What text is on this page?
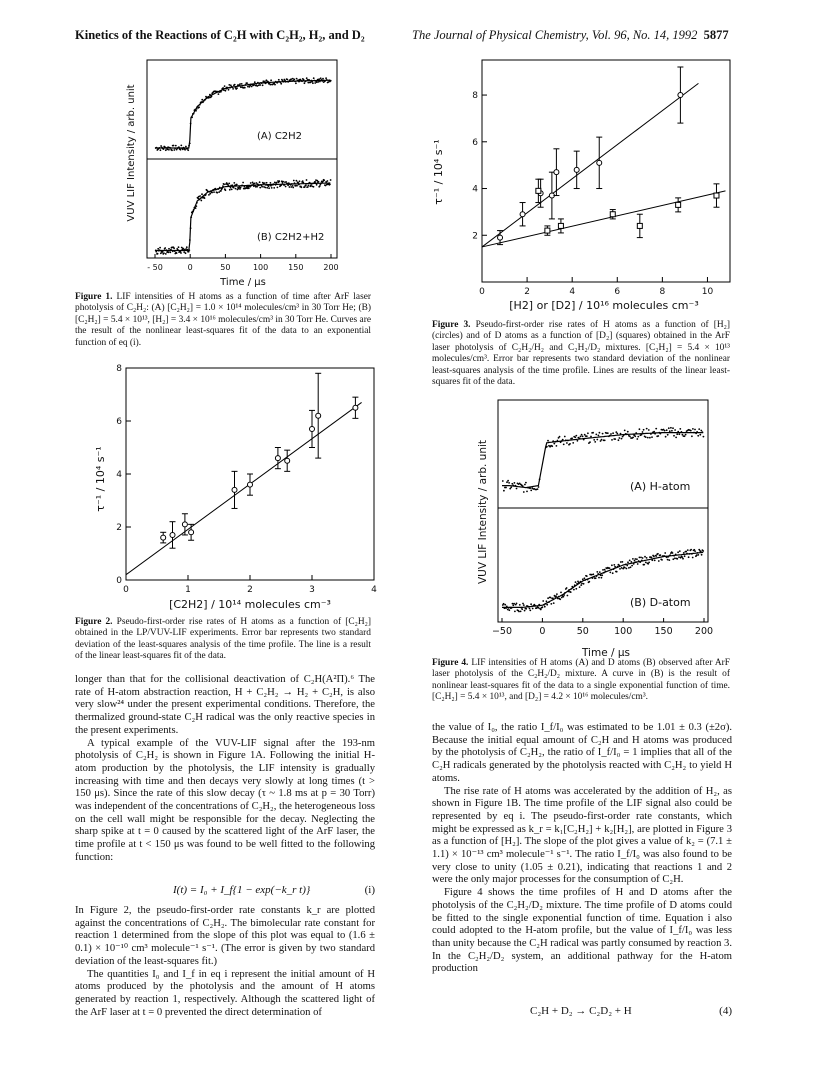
Kinetics of the Reactions of C₂H with C₂H₂, H₂, and D₂	The Journal of Physical Chemistry, Vol. 96, No. 14, 1992 5877
VUV LIF Intensity / arb. unit	(A) C2H2
(B) C2H2+H2
- 50	0	50	100 150 200
Time / μs
Figure 1. LIF intensities of H atoms as a function of time after ArF laser photolysis of C₂H₂: (A) [C₂H₂] = 1.0 × 10¹⁴ molecules/cm³ in 30 Torr He; (B) [C₂H₂] = 5.4 × 10¹³, [H₂] = 3.4 × 10¹⁶ molecules/cm³ in 30 Torr He. Curves are the result of the nonlinear least-squares fit of the data to an exponential function of eq (i).
τ⁻¹ / 10⁴ s⁻¹
0	1	2	3	4
0
2
4
6
8
[C2H2] / 10¹⁴ molecules cm⁻³
Figure 2. Pseudo-first-order rise rates of H atoms as a function of [C₂H₂] obtained in the LP/VUV-LIF experiments. Error bar represents two standard deviation of the least-squares analysis of the time profile. The line is a result of the linear least-squares fit of the data.

longer than that for the collisional deactivation of C₂H(A²Π).⁶ The rate of H-atom abstraction reaction, H + C₂H₂ → H₂ + C₂H, is also very slow²⁴ under the present experimental conditions. Therefore, the thermalized ground-state C₂H radical was the only reactive species in the present experiments.

A typical example of the VUV-LIF signal after the 193-nm photolysis of C₂H₂ is shown in Figure 1A. Following the initial H-atom production by the photolysis, the LIF intensity is gradually increasing with time and then decays very slowly at long times (t > 150 μs). Since the rate of this slow decay (τ ~ 1.8 ms at p = 30 Torr) was independent of the concentrations of C₂H₂, the heterogeneous loss on the cell wall might be responsible for the decay. Neglecting the sharp spike at t = 0 caused by the scattered light of the ArF laser, the time profile at t < 150 μs was found to be well fitted to the following function:

I(t) = I₀ + I_f{1 − exp(−k_r t)}	(i)

In Figure 2, the pseudo-first-order rate constants k_r are plotted against the concentrations of C₂H₂. The bimolecular rate constant for reaction 1 determined from the slope of this plot was equal to (1.6 ± 0.1) × 10⁻¹⁰ cm³ molecule⁻¹ s⁻¹. (The error is given by two standard deviation of the least-squares fit.)

The quantities I₀ and I_f in eq i represent the initial amount of H atoms produced by the photolysis and the amount of H atoms generated by reaction 1, respectively. Although the scattered light of the ArF laser at t = 0 prevented the direct determination of

τ⁻¹ / 10⁴ s⁻¹
0	2	4	6	8	10
2
4
6
8
[H2] or [D2] / 10¹⁶ molecules cm⁻³
Figure 3. Pseudo-first-order rise rates of H atoms as a function of [H₂] (circles) and of D atoms as a function of [D₂] (squares) obtained in the ArF laser photolysis of C₂H₂/H₂ and C₂H₂/D₂ mixtures. [C₂H₂] = 5.4 × 10¹³ molecules/cm³. Error bar represents two standard deviation of the nonlinear least-squares analysis of the time profile. Lines are results of the linear least-squares fit of the data.
VUV LIF Intensity / arb. unit	(A) H-atom
(B) D-atom
−50	0	50	100 150 200
Time / μs
Figure 4. LIF intensities of H atoms (A) and D atoms (B) observed after ArF laser photolysis of the C₂H₂/D₂ mixture. A curve in (B) is the result of nonlinear least-squares fit of the data to a single exponential function of time. [C₂H₂] = 5.4 × 10¹³, and [D₂] = 4.2 × 10¹⁶ molecules/cm³.

the value of I₀, the ratio I_f/I₀ was estimated to be 1.01 ± 0.3 (±2σ). Because the initial equal amount of C₂H and H atoms was produced by the photolysis of C₂H₂, the ratio of I_f/I₀ = 1 implies that all of the C₂H radicals generated by the photolysis reacted with C₂H₂ to yield H atoms.

The rise rate of H atoms was accelerated by the addition of H₂, as shown in Figure 1B. The time profile of the LIF signal also could be represented by eq i. The pseudo-first-order rate constants, which might be expressed as k_r = k₁[C₂H₂] + k₂[H₂], are plotted in Figure 3 as a function of [H₂]. The slope of the plot gives a value of k₂ = (7.1 ± 1.1) × 10⁻¹³ cm³ molecule⁻¹ s⁻¹. The ratio I_f/I₀ was also found to be very close to unity (1.05 ± 0.21), indicating that reactions 1 and 2 were the only major processes for the consumption of C₂H.

Figure 4 shows the time profiles of H and D atoms after the photolysis of the C₂H₂/D₂ mixture. The time profile of D atoms could be fitted to the single exponential function of time. Equation i also could adopted to the H-atom profile, but the value of I_f/I₀ was less than unity because the C₂H radical was partly consumed by reaction 3. In the C₂H₂/D₂ system, an additional pathway for the H-atom production

C₂H + D₂ → C₂D₂ + H	(4)
